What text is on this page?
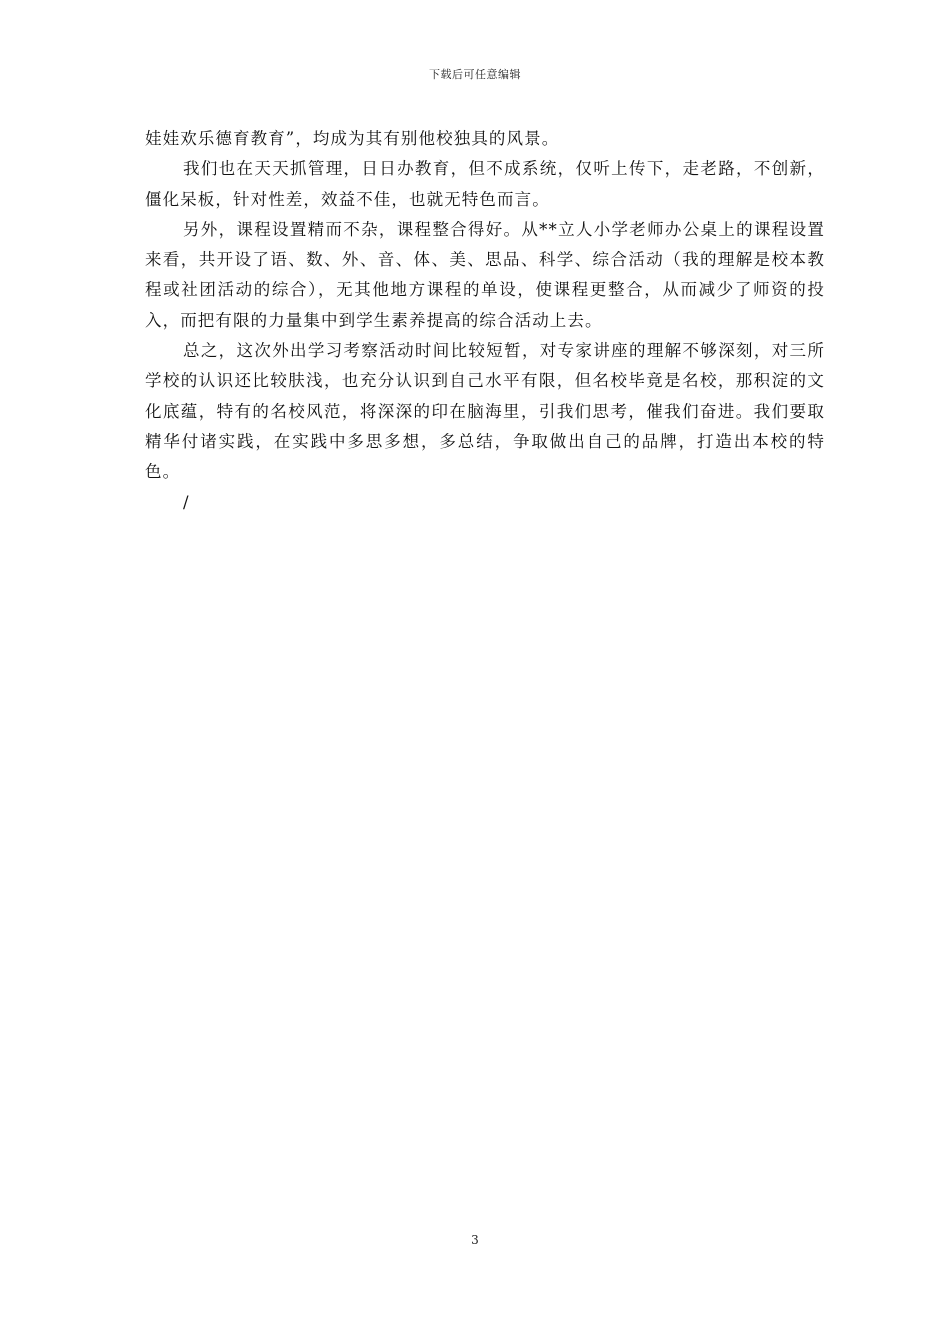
下载后可任意编辑

娃娃欢乐德育教育”，均成为其有别他校独具的风景。

我们也在天天抓管理，日日办教育，但不成系统，仅听上传下，走老路，不创新，僵化呆板，针对性差，效益不佳，也就无特色而言。

另外，课程设置精而不杂，课程整合得好。从**立人小学老师办公桌上的课程设置来看，共开设了语、数、外、音、体、美、思品、科学、综合活动（我的理解是校本教程或社团活动的综合），无其他地方课程的单设，使课程更整合，从而减少了师资的投入，而把有限的力量集中到学生素养提高的综合活动上去。

总之，这次外出学习考察活动时间比较短暂，对专家讲座的理解不够深刻，对三所学校的认识还比较肤浅，也充分认识到自己水平有限，但名校毕竟是名校，那积淀的文化底蕴，特有的名校风范，将深深的印在脑海里，引我们思考，催我们奋进。我们要取精华付诸实践，在实践中多思多想，多总结，争取做出自己的品牌，打造出本校的特色。

/

3
